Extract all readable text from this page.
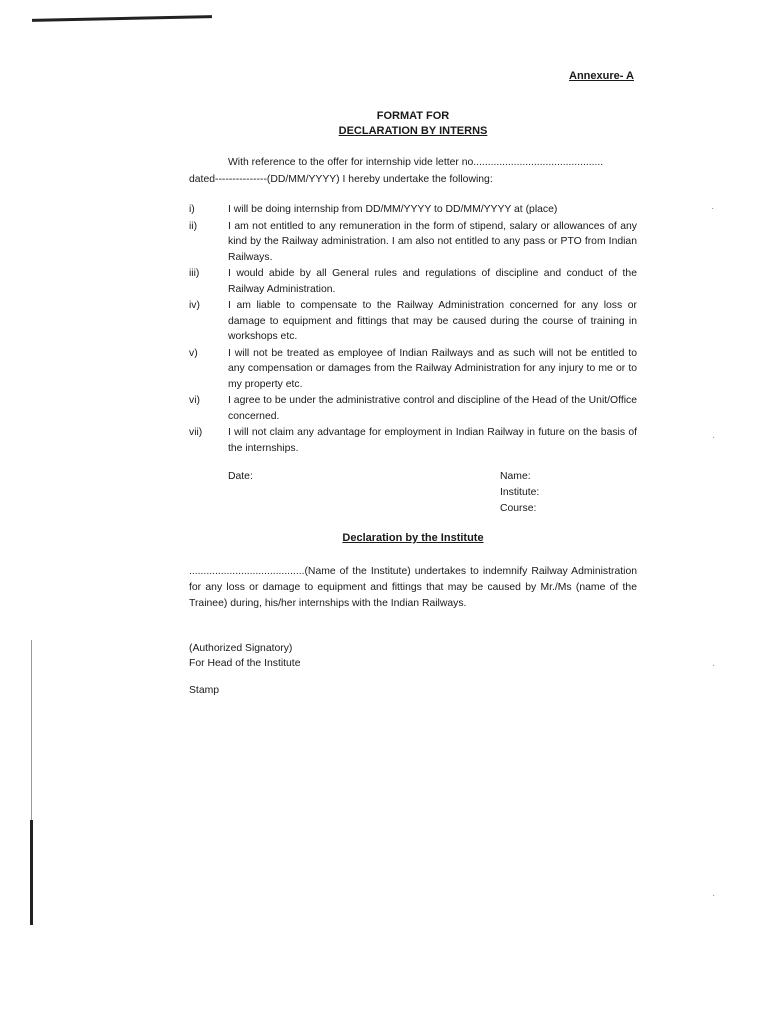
·
·
·
·
Annexure- A
FORMAT FOR
DECLARATION BY INTERNS
With reference to the offer for internship vide letter no.............................................
dated---------------(DD/MM/YYYY) I hereby undertake the following:
i)	I will be doing internship from DD/MM/YYYY to DD/MM/YYYY at (place)
ii)	I am not entitled to any remuneration in the form of stipend, salary or allowances of any kind by the Railway administration. I am also not entitled to any pass or PTO from Indian Railways.
iii)	I would abide by all General rules and regulations of discipline and conduct of the Railway Administration.
iv)	I am liable to compensate to the Railway Administration concerned for any loss or damage to equipment and fittings that may be caused during the course of training in workshops etc.
v)	I will not be treated as employee of Indian Railways and as such will not be entitled to any compensation or damages from the Railway Administration for any injury to me or to my property etc.
vi)	I agree to be under the administrative control and discipline of the Head of the Unit/Office concerned.
vii)	I will not claim any advantage for employment in Indian Railway in future on the basis of the internships.
Date:	Name:
Institute:
Course:
Declaration by the Institute
........................................(Name of the Institute) undertakes to indemnify Railway Administration for any loss or damage to equipment and fittings that may be caused by Mr./Ms (name of the Trainee) during, his/her internships with the Indian Railways.
(Authorized Signatory)
For Head of the Institute
Stamp
